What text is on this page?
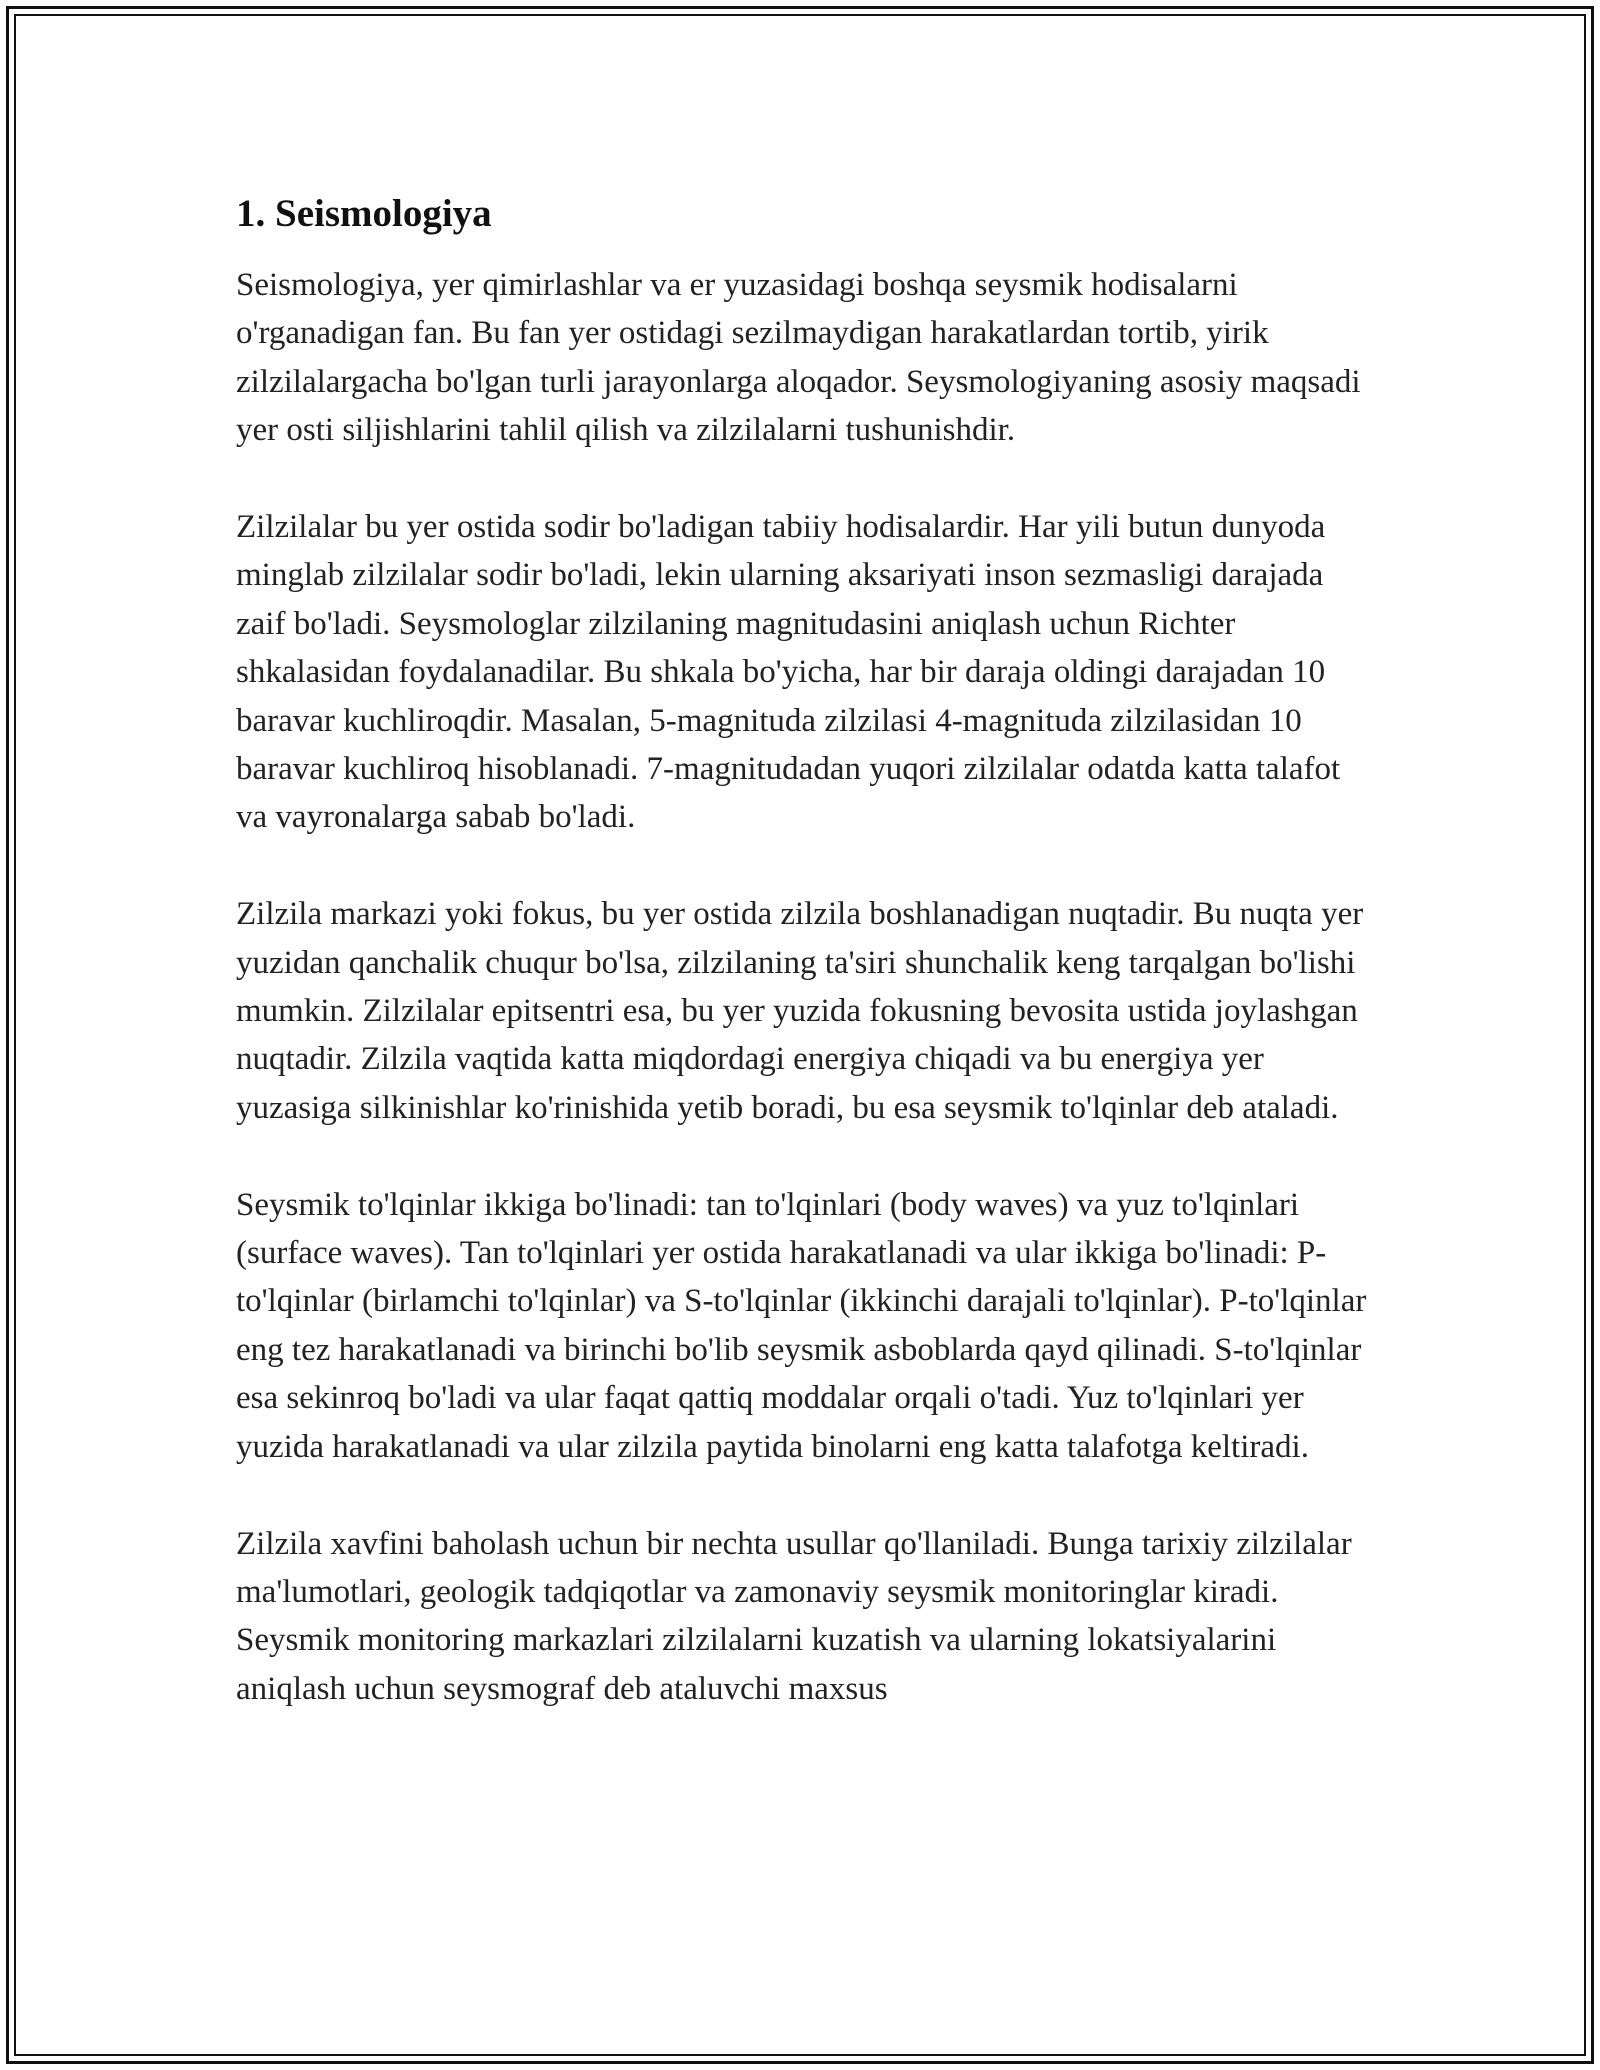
1. Seismologiya

Seismologiya, yer qimirlashlar va er yuzasidagi boshqa seysmik hodisalarni o'rganadigan fan. Bu fan yer ostidagi sezilmaydigan harakatlardan tortib, yirik zilzilalargacha bo'lgan turli jarayonlarga aloqador. Seysmologiyaning asosiy maqsadi yer osti siljishlarini tahlil qilish va zilzilalarni tushunishdir.

Zilzilalar bu yer ostida sodir bo'ladigan tabiiy hodisalardir. Har yili butun dunyoda minglab zilzilalar sodir bo'ladi, lekin ularning aksariyati inson sezmasligi darajada zaif bo'ladi. Seysmologlar zilzilaning magnitudasini aniqlash uchun Richter shkalasidan foydalanadilar. Bu shkala bo'yicha, har bir daraja oldingi darajadan 10 baravar kuchliroqdir. Masalan, 5-magnituda zilzilasi 4-magnituda zilzilasidan 10 baravar kuchliroq hisoblanadi. 7-magnitudadan yuqori zilzilalar odatda katta talafot va vayronalarga sabab bo'ladi.

Zilzila markazi yoki fokus, bu yer ostida zilzila boshlanadigan nuqtadir. Bu nuqta yer yuzidan qanchalik chuqur bo'lsa, zilzilaning ta'siri shunchalik keng tarqalgan bo'lishi mumkin. Zilzilalar epitsentri esa, bu yer yuzida fokusning bevosita ustida joylashgan nuqtadir. Zilzila vaqtida katta miqdordagi energiya chiqadi va bu energiya yer yuzasiga silkinishlar ko'rinishida yetib boradi, bu esa seysmik to'lqinlar deb ataladi.

Seysmik to'lqinlar ikkiga bo'linadi: tan to'lqinlari (body waves) va yuz to'lqinlari (surface waves). Tan to'lqinlari yer ostida harakatlanadi va ular ikkiga bo'linadi: P-to'lqinlar (birlamchi to'lqinlar) va S-to'lqinlar (ikkinchi darajali to'lqinlar). P-to'lqinlar eng tez harakatlanadi va birinchi bo'lib seysmik asboblarda qayd qilinadi. S-to'lqinlar esa sekinroq bo'ladi va ular faqat qattiq moddalar orqali o'tadi. Yuz to'lqinlari yer yuzida harakatlanadi va ular zilzila paytida binolarni eng katta talafotga keltiradi.

Zilzila xavfini baholash uchun bir nechta usullar qo'llaniladi. Bunga tarixiy zilzilalar ma'lumotlari, geologik tadqiqotlar va zamonaviy seysmik monitoringlar kiradi. Seysmik monitoring markazlari zilzilalarni kuzatish va ularning lokatsiyalarini aniqlash uchun seysmograf deb ataluvchi maxsus
